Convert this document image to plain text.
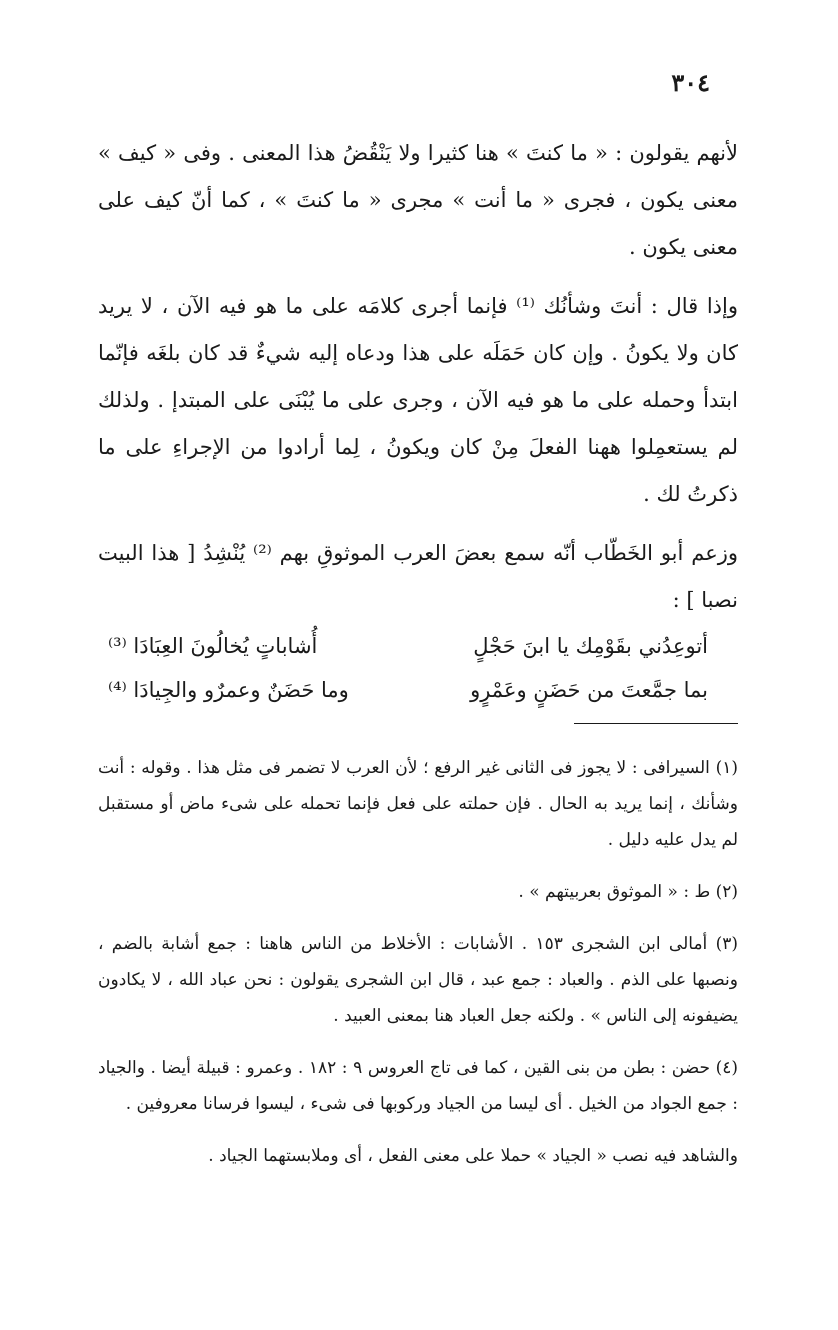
٣٠٤

لأنهم يقولون : « ما كنتَ » هنا كثيرا ولا يَنْقُضُ هذا المعنى . وفى « كيف » معنى يكون ، فجرى « ما أنت » مجرى « ما كنتَ » ، كما أنّ كيف على معنى يكون .

وإذا قال : أنتَ وشأنُك ⁽¹⁾ فإنما أجرى كلامَه على ما هو فيه الآن ، لا يريد كان ولا يكونُ . وإن كان حَمَلَه على هذا ودعاه إليه شيءٌ قد كان بلغَه فإنّما ابتدأ وحمله على ما هو فيه الآن ، وجرى على ما يُبْنَى على المبتدإ . ولذلك لم يستعمِلوا ههنا الفعلَ مِنْ كان ويكونُ ، لِما أرادوا من الإجراءِ على ما ذكرتُ لك .

وزعم أبو الخَطّاب أنّه سمع بعضَ العرب الموثوقِ بهم ⁽²⁾ يُنْشِدُ [ هذا البيت نصبا ] :

أتوعِدُني بقَوْمِك يا ابنَ حَجْلٍ
أُشاباتٍ يُخالُونَ العِبَادَا ⁽³⁾
بما جمَّعتَ من حَضَنٍ وعَمْرٍو
وما حَضَنٌ وعمرٌو والجِيادَا ⁽⁴⁾

(١) السيرافى : لا يجوز فى الثانى غير الرفع ؛ لأن العرب لا تضمر فى مثل هذا . وقوله : أنت وشأنك ، إنما يريد به الحال . فإن حملته على فعل فإنما تحمله على شىء ماض أو مستقبل لم يدل عليه دليل .

(٢) ط : « الموثوق بعربيتهم » .

(٣) أمالى ابن الشجرى ١٥٣ . الأشابات : الأخلاط من الناس هاهنا : جمع أشابة بالضم ، ونصبها على الذم . والعباد : جمع عبد ، قال ابن الشجرى يقولون : نحن عباد الله ، لا يكادون يضيفونه إلى الناس » . ولكنه جعل العباد هنا بمعنى العبيد .

(٤) حضن : بطن من بنى القين ، كما فى تاج العروس ٩ : ١٨٢ . وعمرو : قبيلة أيضا . والجياد : جمع الجواد من الخيل . أى ليسا من الجياد وركوبها فى شىء ، ليسوا فرسانا معروفين .

والشاهد فيه نصب « الجياد » حملا على معنى الفعل ، أى وملابستهما الجياد .
